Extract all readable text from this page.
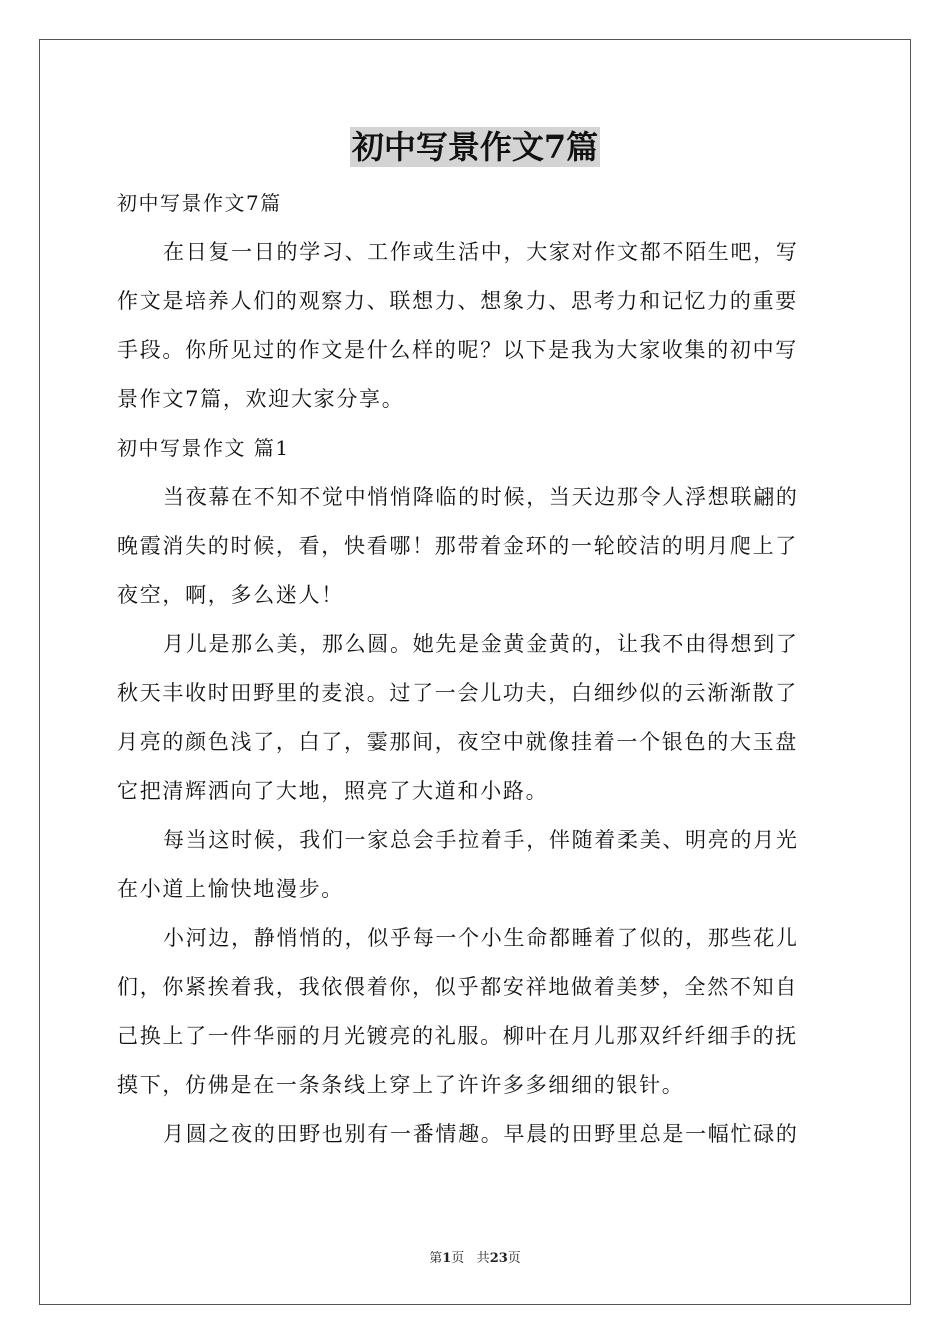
初中写景作文7篇
初中写景作文7篇
在日复一日的学习、工作或生活中，大家对作文都不陌生吧，写
作文是培养人们的观察力、联想力、想象力、思考力和记忆力的重要
手段。你所见过的作文是什么样的呢？以下是我为大家收集的初中写
景作文7篇，欢迎大家分享。
初中写景作文 篇1
当夜幕在不知不觉中悄悄降临的时候，当天边那令人浮想联翩的
晚霞消失的时候，看，快看哪！那带着金环的一轮皎洁的明月爬上了
夜空，啊，多么迷人！
月儿是那么美，那么圆。她先是金黄金黄的，让我不由得想到了
秋天丰收时田野里的麦浪。过了一会儿功夫，白细纱似的云渐渐散了
月亮的颜色浅了，白了，霎那间，夜空中就像挂着一个银色的大玉盘
它把清辉洒向了大地，照亮了大道和小路。
每当这时候，我们一家总会手拉着手，伴随着柔美、明亮的月光
在小道上愉快地漫步。
小河边，静悄悄的，似乎每一个小生命都睡着了似的，那些花儿
们，你紧挨着我，我依偎着你，似乎都安祥地做着美梦，全然不知自
己换上了一件华丽的月光镀亮的礼服。柳叶在月儿那双纤纤细手的抚
摸下，仿佛是在一条条线上穿上了许许多多细细的银针。
月圆之夜的田野也别有一番情趣。早晨的田野里总是一幅忙碌的
第1页 共23页
